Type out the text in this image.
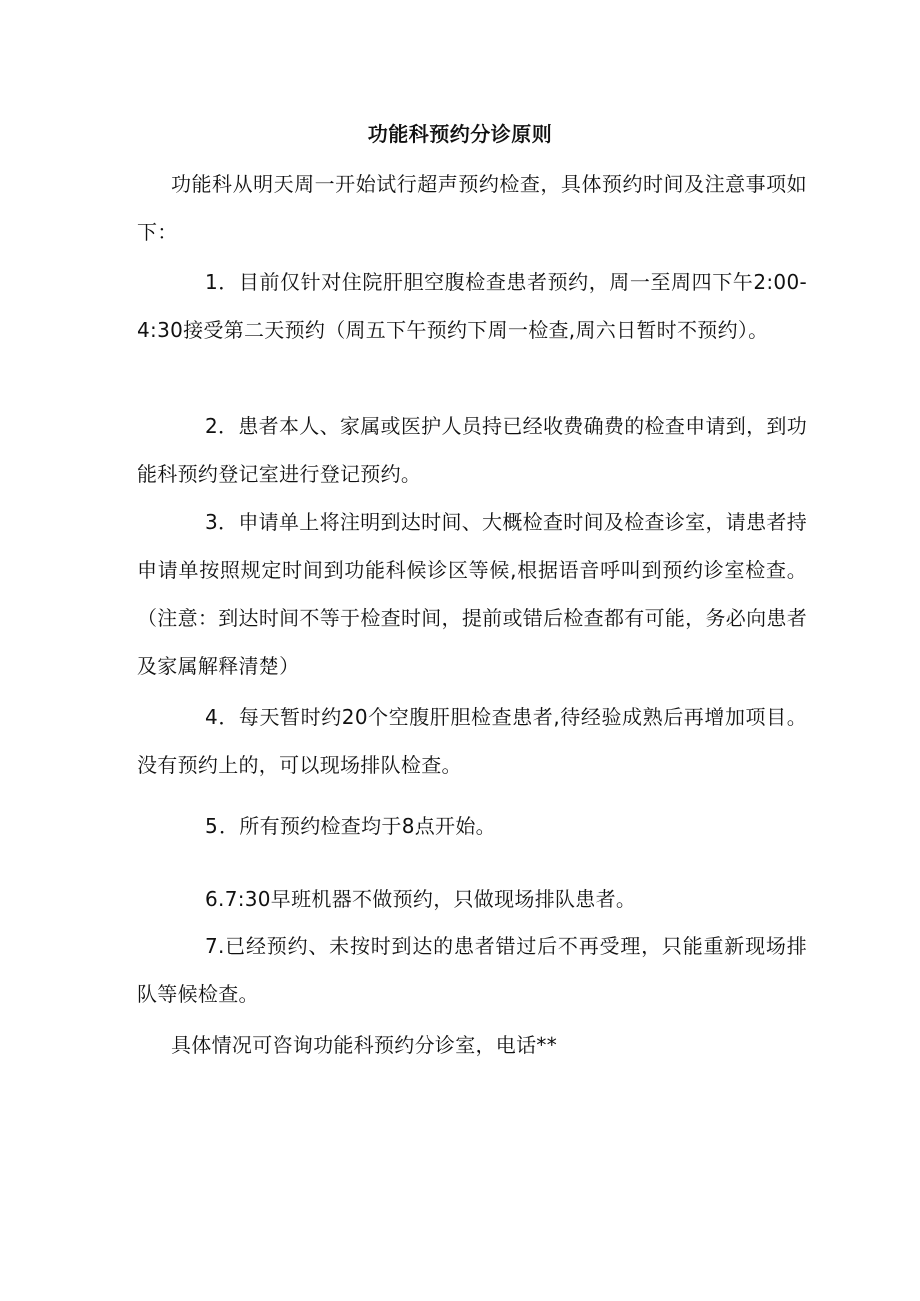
功能科预约分诊原则

功能科从明天周一开始试行超声预约检查，具体预约时间及注意事项如下：

1．目前仅针对住院肝胆空腹检查患者预约，周一至周四下午2:00-4:30接受第二天预约（周五下午预约下周一检查,周六日暂时不预约）。

2．患者本人、家属或医护人员持已经收费确费的检查申请到，到功能科预约登记室进行登记预约。

3．申请单上将注明到达时间、大概检查时间及检查诊室，请患者持申请单按照规定时间到功能科候诊区等候,根据语音呼叫到预约诊室检查。（注意：到达时间不等于检查时间，提前或错后检查都有可能，务必向患者及家属解释清楚）

4．每天暂时约20个空腹肝胆检查患者,待经验成熟后再增加项目。没有预约上的，可以现场排队检查。

5．所有预约检查均于8点开始。

6.7:30早班机器不做预约，只做现场排队患者。

7.已经预约、未按时到达的患者错过后不再受理，只能重新现场排队等候检查。

具体情况可咨询功能科预约分诊室，电话**
